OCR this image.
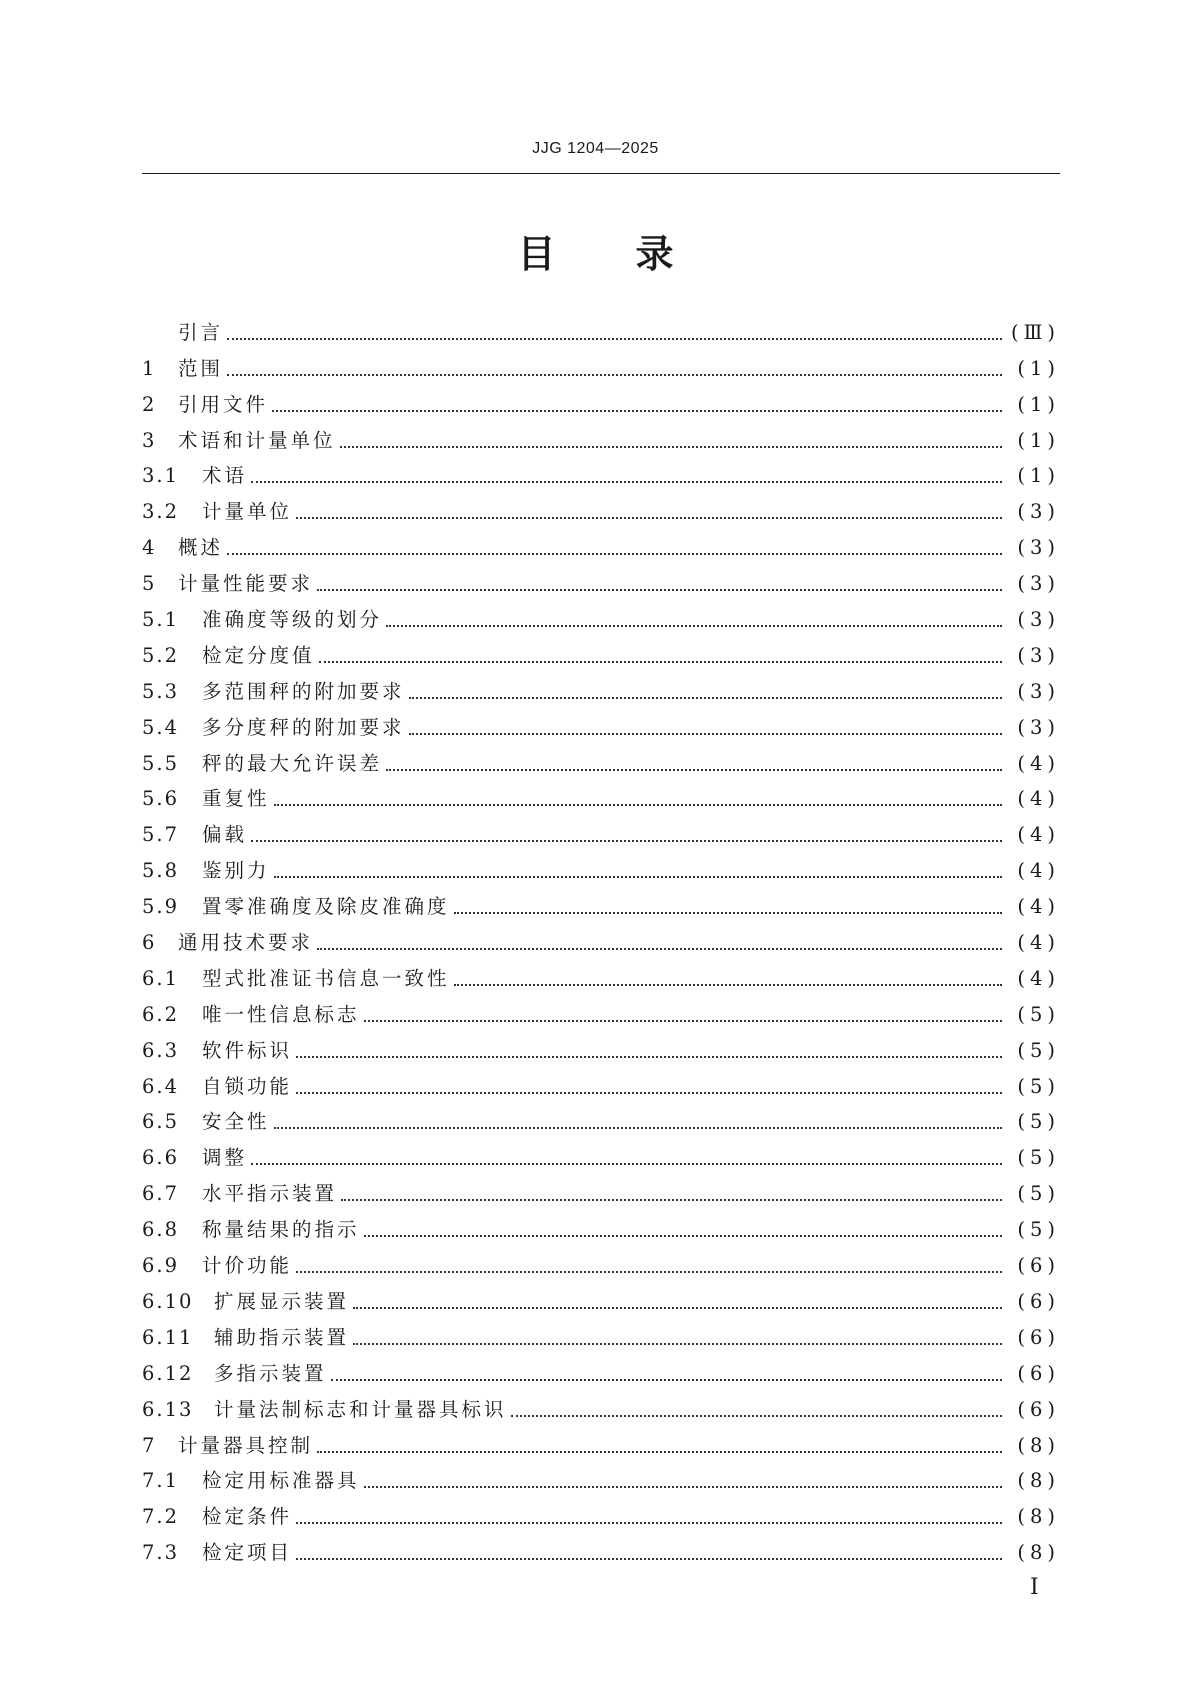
JJG 1204—2025
目录
引言	(Ⅲ)
1	范围	(1)
2	引用文件	(1)
3	术语和计量单位	(1)
3.1	术语	(1)
3.2	计量单位	(3)
4	概述	(3)
5	计量性能要求	(3)
5.1	准确度等级的划分	(3)
5.2	检定分度值	(3)
5.3	多范围秤的附加要求	(3)
5.4	多分度秤的附加要求	(3)
5.5	秤的最大允许误差	(4)
5.6	重复性	(4)
5.7	偏载	(4)
5.8	鉴别力	(4)
5.9	置零准确度及除皮准确度	(4)
6	通用技术要求	(4)
6.1	型式批准证书信息一致性	(4)
6.2	唯一性信息标志	(5)
6.3	软件标识	(5)
6.4	自锁功能	(5)
6.5	安全性	(5)
6.6	调整	(5)
6.7	水平指示装置	(5)
6.8	称量结果的指示	(5)
6.9	计价功能	(6)
6.10	扩展显示装置	(6)
6.11	辅助指示装置	(6)
6.12	多指示装置	(6)
6.13	计量法制标志和计量器具标识	(6)
7	计量器具控制	(8)
7.1	检定用标准器具	(8)
7.2	检定条件	(8)
7.3	检定项目	(8)
I
